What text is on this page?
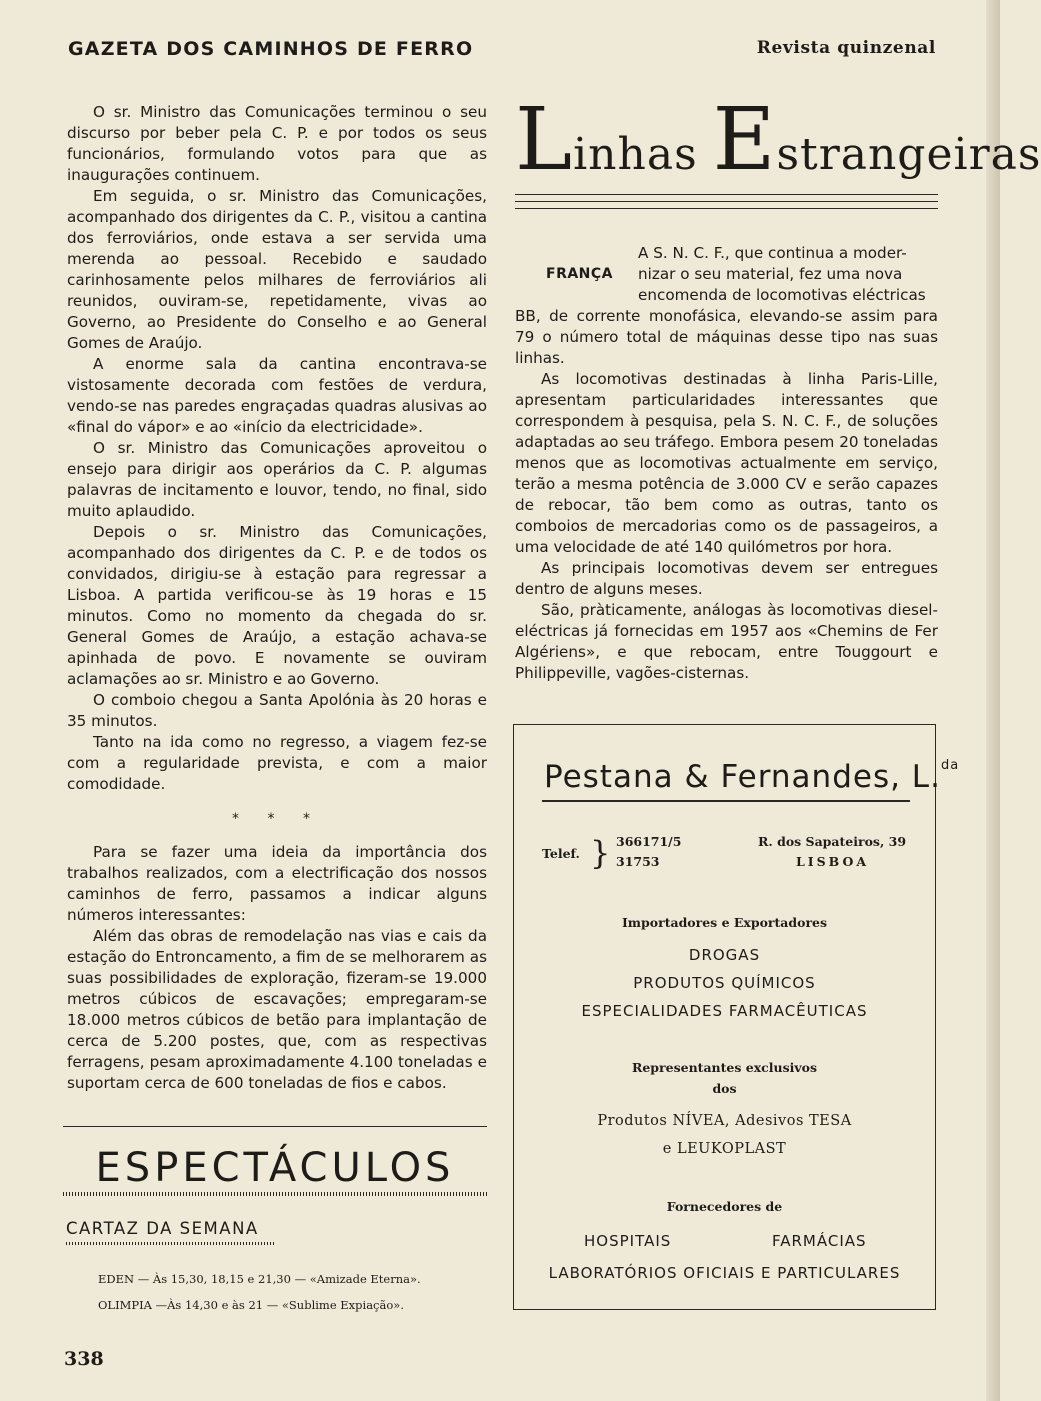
GAZETA DOS CAMINHOS DE FERRO	Revista quinzenal

O sr. Ministro das Comunicações terminou o seu discurso por beber pela C. P. e por todos os seus funcionários, formulando votos para que as inaugurações continuem.

Em seguida, o sr. Ministro das Comunicações, acompanhado dos dirigentes da C. P., visitou a cantina dos ferroviários, onde estava a ser servida uma merenda ao pessoal. Recebido e saudado carinhosamente pelos milhares de ferroviários ali reunidos, ouviram-se, repetidamente, vivas ao Governo, ao Presidente do Conselho e ao General Gomes de Araújo.

A enorme sala da cantina encontrava-se vistosamente decorada com festões de verdura, vendo-se nas paredes engraçadas quadras alusivas ao «final do vápor» e ao «início da electricidade».

O sr. Ministro das Comunicações aproveitou o ensejo para dirigir aos operários da C. P. algumas palavras de incitamento e louvor, tendo, no final, sido muito aplaudido.

Depois o sr. Ministro das Comunicações, acompanhado dos dirigentes da C. P. e de todos os convidados, dirigiu-se à estação para regressar a Lisboa. A partida verificou-se às 19 horas e 15 minutos. Como no momento da chegada do sr. General Gomes de Araújo, a estação achava-se apinhada de povo. E novamente se ouviram aclamações ao sr. Ministro e ao Governo.

O comboio chegou a Santa Apolónia às 20 horas e 35 minutos.

Tanto na ida como no regresso, a viagem fez-se com a regularidade prevista, e com a maior comodidade.

* * *

Para se fazer uma ideia da importância dos trabalhos realizados, com a electrificação dos nossos caminhos de ferro, passamos a indicar alguns números interessantes:

Além das obras de remodelação nas vias e cais da estação do Entroncamento, a fim de se melhorarem as suas possibilidades de exploração, fizeram-se 19.000 metros cúbicos de escavações; empregaram-se 18.000 metros cúbicos de betão para implantação de cerca de 5.200 postes, que, com as respectivas ferragens, pesam aproximadamente 4.100 toneladas e suportam cerca de 600 toneladas de fios e cabos.

ESPECTÁCULOS
CARTAZ DA SEMANA
EDEN — Às 15,30, 18,15 e 21,30 — «Amizade Eterna».
OLIMPIA —Às 14,30 e às 21 — «Sublime Expiação».
338
Linhas Estrangeiras
FRANÇA

A S. N. C. F., que continua a moder-

nizar o seu material, fez uma nova

encomenda de locomotivas eléctricas

BB, de corrente monofásica, elevando-se assim para 79 o número total de máquinas desse tipo nas suas linhas.

As locomotivas destinadas à linha Paris-Lille, apresentam particularidades interessantes que correspondem à pesquisa, pela S. N. C. F., de soluções adaptadas ao seu tráfego. Embora pesem 20 toneladas menos que as locomotivas actualmente em serviço, terão a mesma potência de 3.000 CV e serão capazes de rebocar, tão bem como as outras, tanto os comboios de mercadorias como os de passageiros, a uma velocidade de até 140 quilómetros por hora.

As principais locomotivas devem ser entregues dentro de alguns meses.

São, pràticamente, análogas às locomotivas diesel-eléctricas já fornecidas em 1957 aos «Chemins de Fer Algériens», e que rebocam, entre Touggourt e Philippeville, vagões-cisternas.

Pestana & Fernandes, L.$^{da}$
Telef. } 366171/5
31753
R. dos Sapateiros, 39
LISBOA
Importadores e Exportadores
DROGAS
PRODUTOS QUÍMICOS
ESPECIALIDADES FARMACÊUTICAS
Representantes exclusivos
dos
Produtos NÍVEA, Adesivos TESA
e LEUKOPLAST
Fornecedores de
HOSPITAIS	FARMÁCIAS
LABORATÓRIOS OFICIAIS E PARTICULARES
